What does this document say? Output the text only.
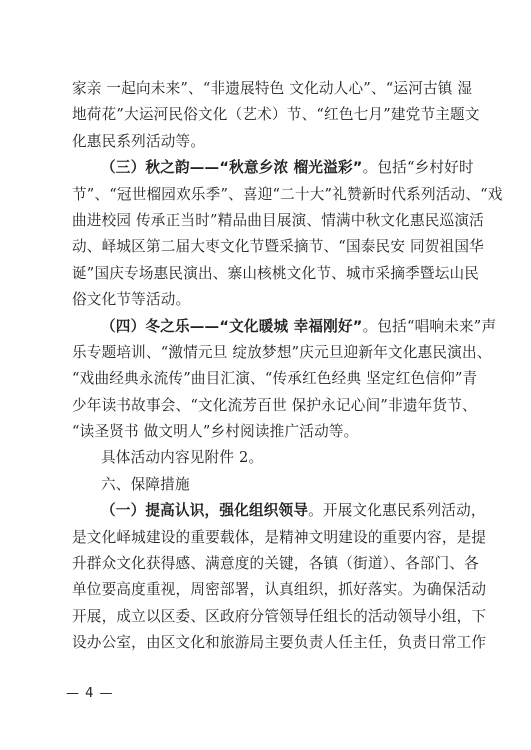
家亲 一起向未来”、“非遗展特色 文化动人心”、“运河古镇 湿
地荷花”大运河民俗文化（艺术）节、“红色七月”建党节主题文
化惠民系列活动等。
（三）秋之韵——“秋意乡浓 榴光溢彩”。包括“乡村好时
节”、“冠世榴园欢乐季”、喜迎“二十大”礼赞新时代系列活动、“戏
曲进校园 传承正当时”精品曲目展演、情满中秋文化惠民巡演活
动、峄城区第二届大枣文化节暨采摘节、“国泰民安 同贺祖国华
诞”国庆专场惠民演出、寨山核桃文化节、城市采摘季暨坛山民
俗文化节等活动。
（四）冬之乐——“文化暖城 幸福刚好”。包括“唱响未来”声
乐专题培训、“激情元旦 绽放梦想”庆元旦迎新年文化惠民演出、
“戏曲经典永流传”曲目汇演、“传承红色经典 坚定红色信仰”青
少年读书故事会、“文化流芳百世 保护永记心间”非遗年货节、
“读圣贤书 做文明人”乡村阅读推广活动等。
具体活动内容见附件 2。
六、保障措施
（一）提高认识，强化组织领导。开展文化惠民系列活动，
是文化峄城建设的重要载体，是精神文明建设的重要内容，是提
升群众文化获得感、满意度的关键，各镇（街道）、各部门、各
单位要高度重视，周密部署，认真组织，抓好落实。为确保活动
开展，成立以区委、区政府分管领导任组长的活动领导小组，下
设办公室，由区文化和旅游局主要负责人任主任，负责日常工作
— 4 —
